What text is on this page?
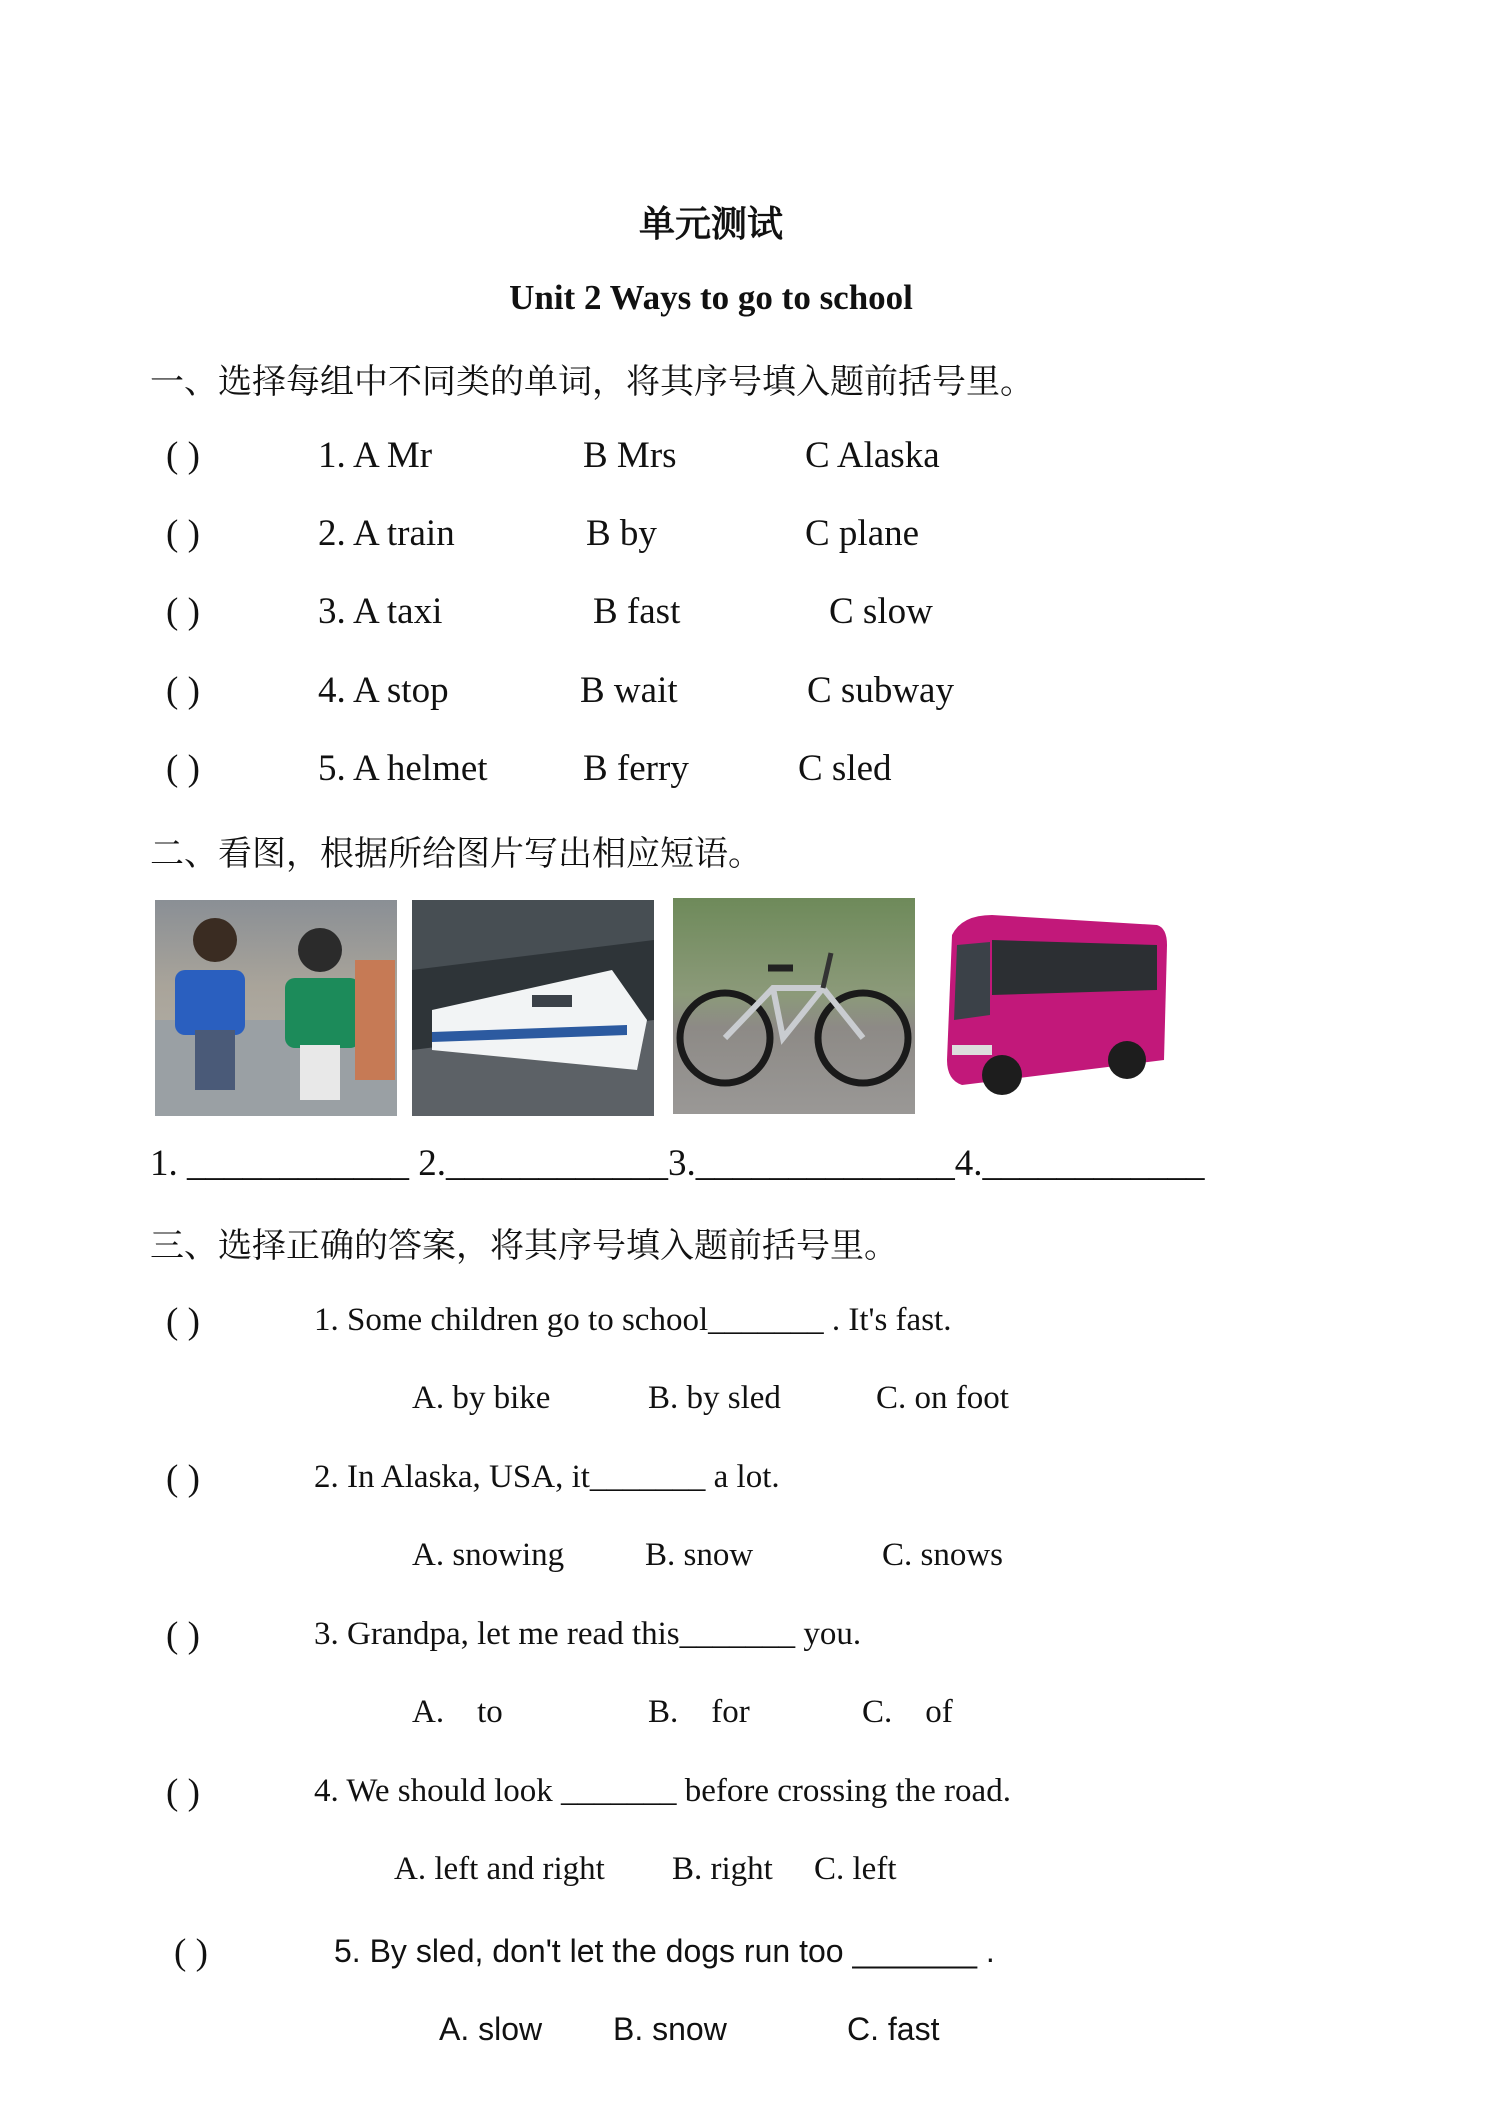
单元测试
Unit 2 Ways to go to school
一、选择每组中不同类的单词，将其序号填入题前括号里。
( )	1. A Mr	B Mrs	C Alaska
( )	2. A train	B by	C plane
( )	3. A taxi	B fast	C slow
( )	4. A stop	B wait	C subway
( )	5. A helmet	B ferry	C sled
二、看图，根据所给图片写出相应短语。
1. ____________ 2.____________3.______________4.____________
三、选择正确的答案，将其序号填入题前括号里。
( )	1. Some children go to school_______ . It's fast.
A. by bike	B. by sled	C. on foot
( )	2. In Alaska, USA, it_______ a lot.
A. snowing B. snow	C. snows
( )	3. Grandpa, let me read this_______ you.
A.    to	B.    for	C.    of
( )	4. We should look _______ before crossing the road.
A. left and right B. right C. left
( )	5. By sled, don't let the dogs run too _______ .
A. slow B. snow	C. fast
